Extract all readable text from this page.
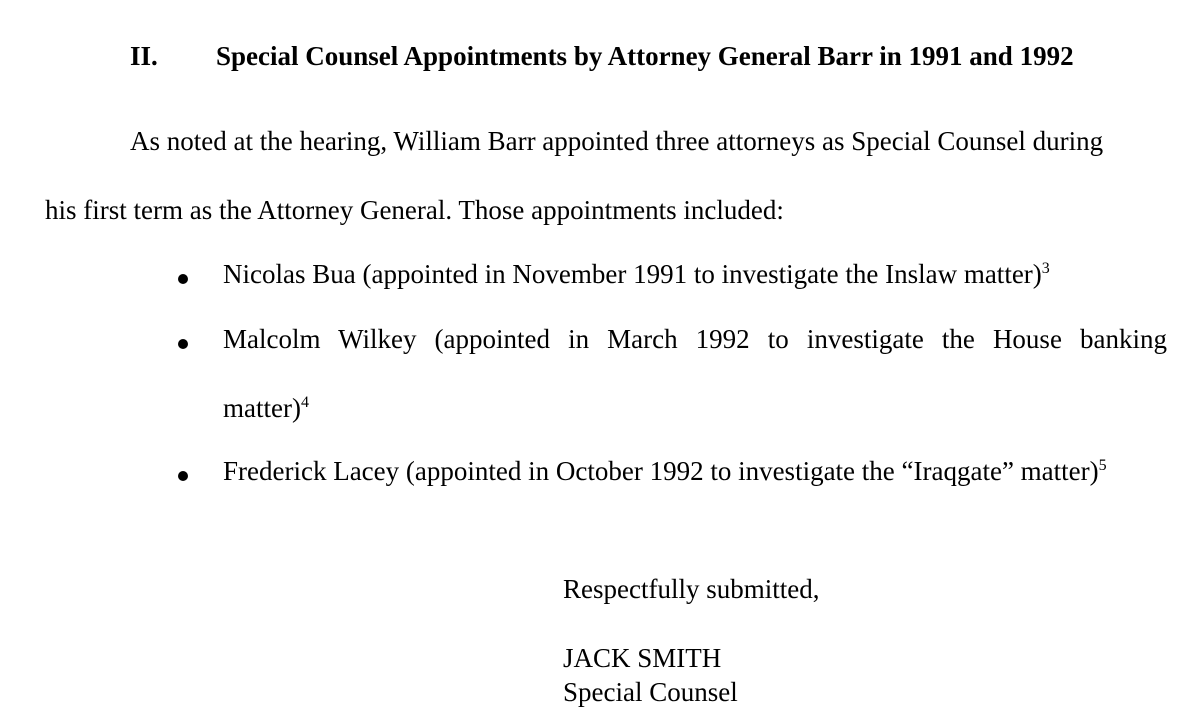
II. Special Counsel Appointments by Attorney General Barr in 1991 and 1992
As noted at the hearing, William Barr appointed three attorneys as Special Counsel during
his first term as the Attorney General. Those appointments included:
Nicolas Bua (appointed in November 1991 to investigate the Inslaw matter)$^3$
Malcolm Wilkey (appointed in March 1992 to investigate the House banking
matter)$^4$
Frederick Lacey (appointed in October 1992 to investigate the “Iraqgate” matter)$^5$
Respectfully submitted,
JACK SMITH
Special Counsel
